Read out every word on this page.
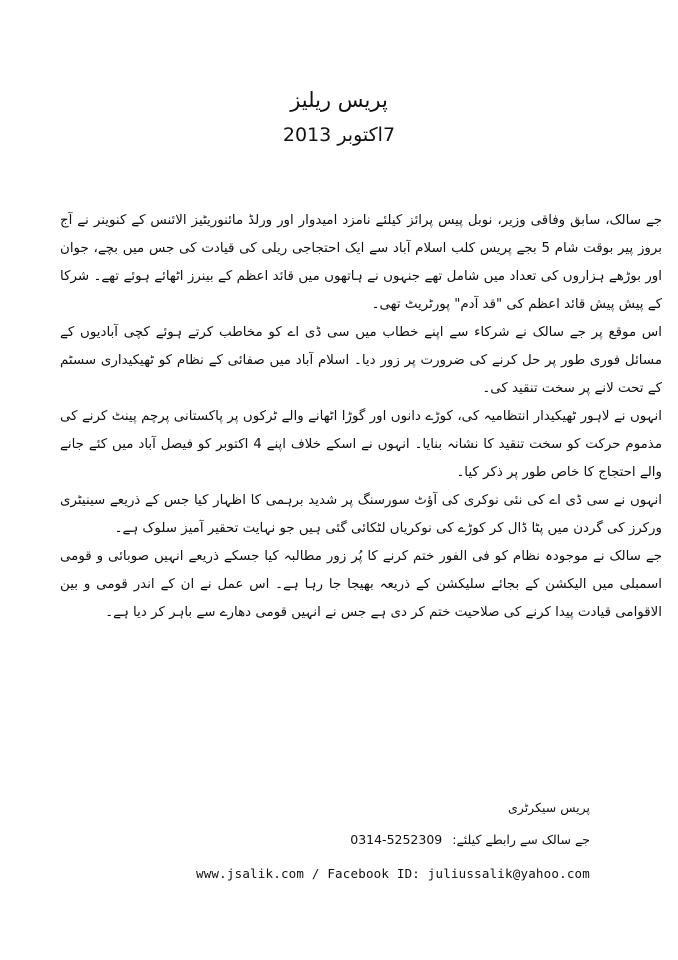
پریس ریلیز
7اکتوبر 2013

جے سالک، سابق وفاقی وزیر، نوبل پیس پرائز کیلئے نامزد امیدوار اور ورلڈ مائنوریٹیز الائنس کے کنوینر نے آج بروز پیر بوقت شام 5 بجے پریس کلب اسلام آباد سے ایک احتجاجی ریلی کی قیادت کی جس میں بچے، جوان اور بوڑھے ہزاروں کی تعداد میں شامل تھے جنہوں نے ہاتھوں میں قائد اعظم کے بینرز اٹھائے ہوئے تھے۔ شرکا کے پیش پیش قائد اعظم کی "قد آدم" پورٹریٹ تھی۔

اس موقع پر جے سالک نے شرکاء سے اپنے خطاب میں سی ڈی اے کو مخاطب کرتے ہوئے کچی آبادیوں کے مسائل فوری طور پر حل کرنے کی ضرورت پر زور دیا۔ اسلام آباد میں صفائی کے نظام کو ٹھیکیداری سسٹم کے تحت لانے پر سخت تنقید کی۔

انہوں نے لاہور ٹھیکیدار انتظامیہ کی، کوڑے دانوں اور گوڑا اٹھانے والے ٹرکوں پر پاکستانی پرچم پینٹ کرنے کی مذموم حرکت کو سخت تنقید کا نشانہ بنایا۔ انہوں نے اسکے خلاف اپنے 4 اکتوبر کو فیصل آباد میں کئے جانے والے احتجاج کا خاص طور پر ذکر کیا۔

انہوں نے سی ڈی اے کی نئی نوکری کی آؤٹ سورسنگ پر شدید برہمی کا اظہار کیا جس کے ذریعے سینیٹری ورکرز کی گردن میں پٹا ڈال کر کوڑے کی نوکریاں لٹکائی گئی ہیں جو نہایت تحقیر آمیز سلوک ہے۔

جے سالک نے موجودہ نظام کو فی الفور ختم کرنے کا پُر زور مطالبہ کیا جسکے ذریعے انہیں صوبائی و قومی اسمبلی میں الیکشن کے بجائے سلیکشن کے ذریعہ بھیجا جا رہا ہے۔ اس عمل نے ان کے اندر قومی و بین الاقوامی قیادت پیدا کرنے کی صلاحیت ختم کر دی ہے جس نے انہیں قومی دھارے سے باہر کر دیا ہے۔

پریس سیکرٹری
جے سالک سے رابطے کیلئے: 0314-5252309
www.jsalik.com / Facebook ID: juliussalik@yahoo.com
